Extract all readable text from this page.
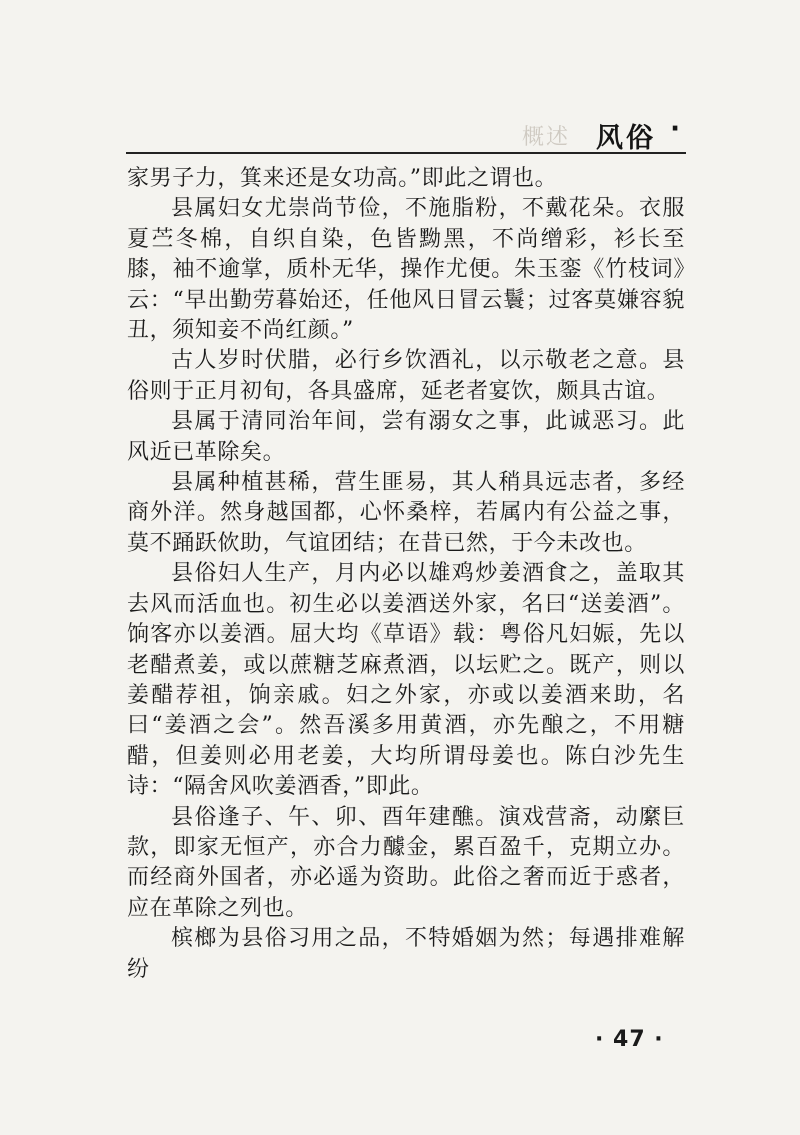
概述 风俗 ·

家男子力，箕来还是女功高。”即此之谓也。

县属妇女尤崇尚节俭，不施脂粉，不戴花朵。衣服夏苎冬棉，自织自染，色皆黝黑，不尚缯彩，衫长至膝，袖不逾掌，质朴无华，操作尤便。朱玉銮《竹枝词》云：“早出勤劳暮始还，任他风日冒云鬟；过客莫嫌容貌丑，须知妾不尚红颜。”

古人岁时伏腊，必行乡饮酒礼，以示敬老之意。县俗则于正月初旬，各具盛席，延老者宴饮，颇具古谊。

县属于清同治年间，尝有溺女之事，此诚恶习。此风近已革除矣。

县属种植甚稀，营生匪易，其人稍具远志者，多经商外洋。然身越国都，心怀桑梓，若属内有公益之事，莫不踊跃佽助，气谊团结；在昔已然，于今未改也。

县俗妇人生产，月内必以雄鸡炒姜酒食之，盖取其去风而活血也。初生必以姜酒送外家，名曰“送姜酒”。饷客亦以姜酒。屈大均《草语》载：粤俗凡妇娠，先以老醋煮姜，或以蔗糖芝麻煮酒，以坛贮之。既产，则以姜醋荐祖，饷亲戚。妇之外家，亦或以姜酒来助，名曰“姜酒之会”。然吾溪多用黄酒，亦先酿之，不用糖醋，但姜则必用老姜，大均所谓母姜也。陈白沙先生诗：“隔舍风吹姜酒香，”即此。

县俗逢子、午、卯、酉年建醮。演戏营斋，动縻巨款，即家无恒产，亦合力醵金，累百盈千，克期立办。而经商外国者，亦必遥为资助。此俗之奢而近于惑者，应在革除之列也。

槟榔为县俗习用之品，不特婚姻为然；每遇排难解纷

· 47 ·
